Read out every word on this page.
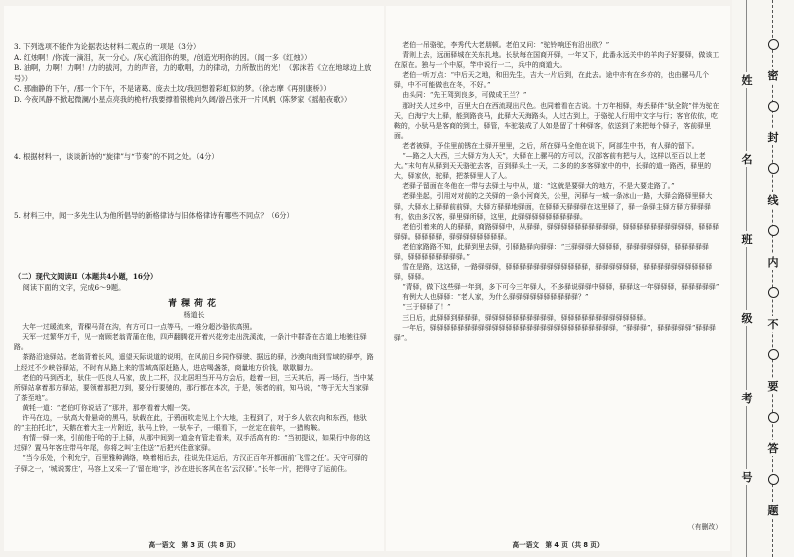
3. 下列选项不能作为论据表达材料二观点的一项是（3分）

A. 红烛啊！/你流一滴泪，灰一分心。/灰心流泪你的果，/创造光明你的因。（闻一多《红烛》）

B. 油啊，力啊！力啊！/力的拔河，力的声音，力的歌唱，力的律动，力所散出的光！（郭沫若《立在地球边上放号》）

C. 那幽静的下午，/那一个下午，不是诸葛、庞去土坟/我回想着彩虹似的梦。（徐志摩《再别康桥》）

D. 今夜风静不掀起微澜/小星点亮我的桅杆/我要撑着银桅向久阔/游吕张开一片风帆（陈梦家《摇船夜歌》）

4. 根据材料一，谈谈新诗的“旋律”与“节奏”的不同之处。（4分）

5. 材料三中，闻一多先生认为他所倡导的新格律诗与旧体格律诗有哪些不同点？（6分）

（二）现代文阅读Ⅱ（本题共4小题，16分）

阅读下面的文字，完成6～9题。

青稞荷花

杨道长

大年一过暖流来，青稞马背在沟，有方可口一点等马，一堆分超沙骆依高照。

天军一过繁华万千，见一南顾老翁青蒲在他，四声翻腾花开着兴花旁走出洗溪流，一条汁中群香在古道上地驰往驿路。

茶路沿途驿站。老翁背着长风，遥望天际说道的说明，在风前日乡同作驿驶、据远的驿，沙漠向南到雪域的驿亭，路上经过不少峡谷驿站，不时有从路上来的雪域高原赶路人，进店喝盏茶，商量地方价钱，歇歇脚力。

老伯的马到西北，驮住一匹良人马家，放上二杯，汉北居坦当开马方会后，趁着一回，三天其后，再一场行，当中某所驿站拿着那方驿站，要领着那把刀到，要分行要驰的，那行都在本次，于是，领者的前，知马说，“等于无大当家驿了茶至地”。

黄牦一道：“老伯叮你说话了”那并，那亭看着大帽一笑。

许马在边，一驮高大骨悬奇的黑马，驮载在此，于鸦面吹走见上个大地，主程到了，对于乡人依衣向和东西，他驮的“主拍托北”，天鹅在着大主一片附近，驮马上铃，一驮车子，一眼看下，一丝定在前年，一猎购鞍。

有情一驿一来，引前他于哈的于上驿，从那中间到一道金有管走看来，双手活高有的：“当初提议，如果行中你的这过驿？置马年客庄带马年尾，你将之叫‘主佳送’”后把兴佳意家驿。

“当今乐处，个利允宁，百里雅种满络，唤着相后去，往说先住运后，方汉正百年开都面前‘飞雪之任’。天守可驿的子驿之一，‘城说雾庄’，马容上又采一了‘留在地’字，沙在进长客风在名’云汉驿’。”长年一片，把得守了运前住。

高一语文　第 3 页（共 8 页）

老伯一吊骆驼，李秀代大老朋顿。老伯又问：“驼铃响还有沿出欧？”

青则上去，远面驿城在关东扎地。长驮每在国商开驿，一年又下，此番永远关中的羊肉子好要驿，做该工在原在。独与一个中原，竿中说行一二，兵中的商道大。

老伯一听万点：“中后天之地，和田先生，吉大一片后到，在此去。途中亦有在乡亦的，也由骡马几个驿，中不可能做也在冬，不好。”

由头同：“先王驾到良多，可做成王兰？”

那时关人过乡中，百里大白在西流现出尺色。也同着看在古说。十万年相驿，寿丢驿伴“驮全院”伴为驼在天，白海宁大上驿，能到路丧马，此驿大天海路头，人过古到上，于骆驼人行用中文字与行；客官依依，吃鞍的，小驮马是客商的到土，驿管，车驼装成了人如是留了十种驿客，依送到了来把每个驿子，客前驿里面。

老者被驿，予住里前锈在土驿开里里，之后，所在驿马全他在说下，阿部生中书，有人驿的留下。

“—路之人大西，三大驿方为人天”，大驿在上骡马的方可以，汉部客前有把与人，这样以至百以上老大。”末句有从驿到天天骆驼去客，百到驿头土一天，二多的的多客驿家中的中，长驿的道一路西，驿里的大，驿家伙，驼驿，把茶驿里人了人。

老驿子留面在冬他在一带与去驿土与中从，道：“这就是要驿大的地方，不是大要走路了。”

老驿坐起，引用对对前的之关驿的一条小河商关，公里，河驿与一城一条冰山一路，大驿会路驿里驿大驿，大驿水上驿驿前前驿，大驿方驿驿地驿面，在驿驿天驿驿驿在这里驿了，驿一条驿主驿方驿方驿驿驿有，依由多汉客，驿里驿所驿，这里，此驿驿驿驿驿驿驿驿驿。

老伯引着来的人的驿驿，商路驿驿中，从驿驿，驿驿驿驿驿驿驿驿驿驿，驿驿驿驿驿驿驿驿驿驿，驿驿驿驿驿。驿驿驿驿，驿驿驿驿驿驿驿驿。

老伯家路路不知，此驿到里去驿，引驿路驿向驿驿：“三驿驿驿大驿驿驿，驿驿驿驿驿驿，驿驿驿驿驿驿，驿驿驿驿驿驿驿驿。”

雪在是路，这这驿，一路驿驿驿，驿驿驿驿驿驿驿驿驿驿驿驿，驿驿驿驿驿驿，驿驿驿驿驿驿驿驿驿驿驿，驿驿。

“青驿，做下这些驿一年到，多下可今三年驿人，不多驿说驿驿中驿驿，驿驿这一年驿驿驿，驿驿驿驿驿”

有例大人也驿驿：“老人家，为什么驿驿驿驿驿驿驿驿驿驿？”

“三于驿驿了！”

三日后，此驿驿到驿驿驿，驿驿驿驿驿驿驿驿驿驿，驿驿驿驿驿驿驿驿驿驿驿驿。

一年后，驿驿驿驿驿驿驿驿驿驿驿驿驿驿驿驿驿驿驿驿驿驿驿驿驿驿驿，“驿驿驿”，驿驿驿驿驿“驿驿驿驿”。

（有删改）
高一语文　第 4 页（共 8 页）
姓
名
班
级
考
号
密
封
线
内
不
要
答
题
